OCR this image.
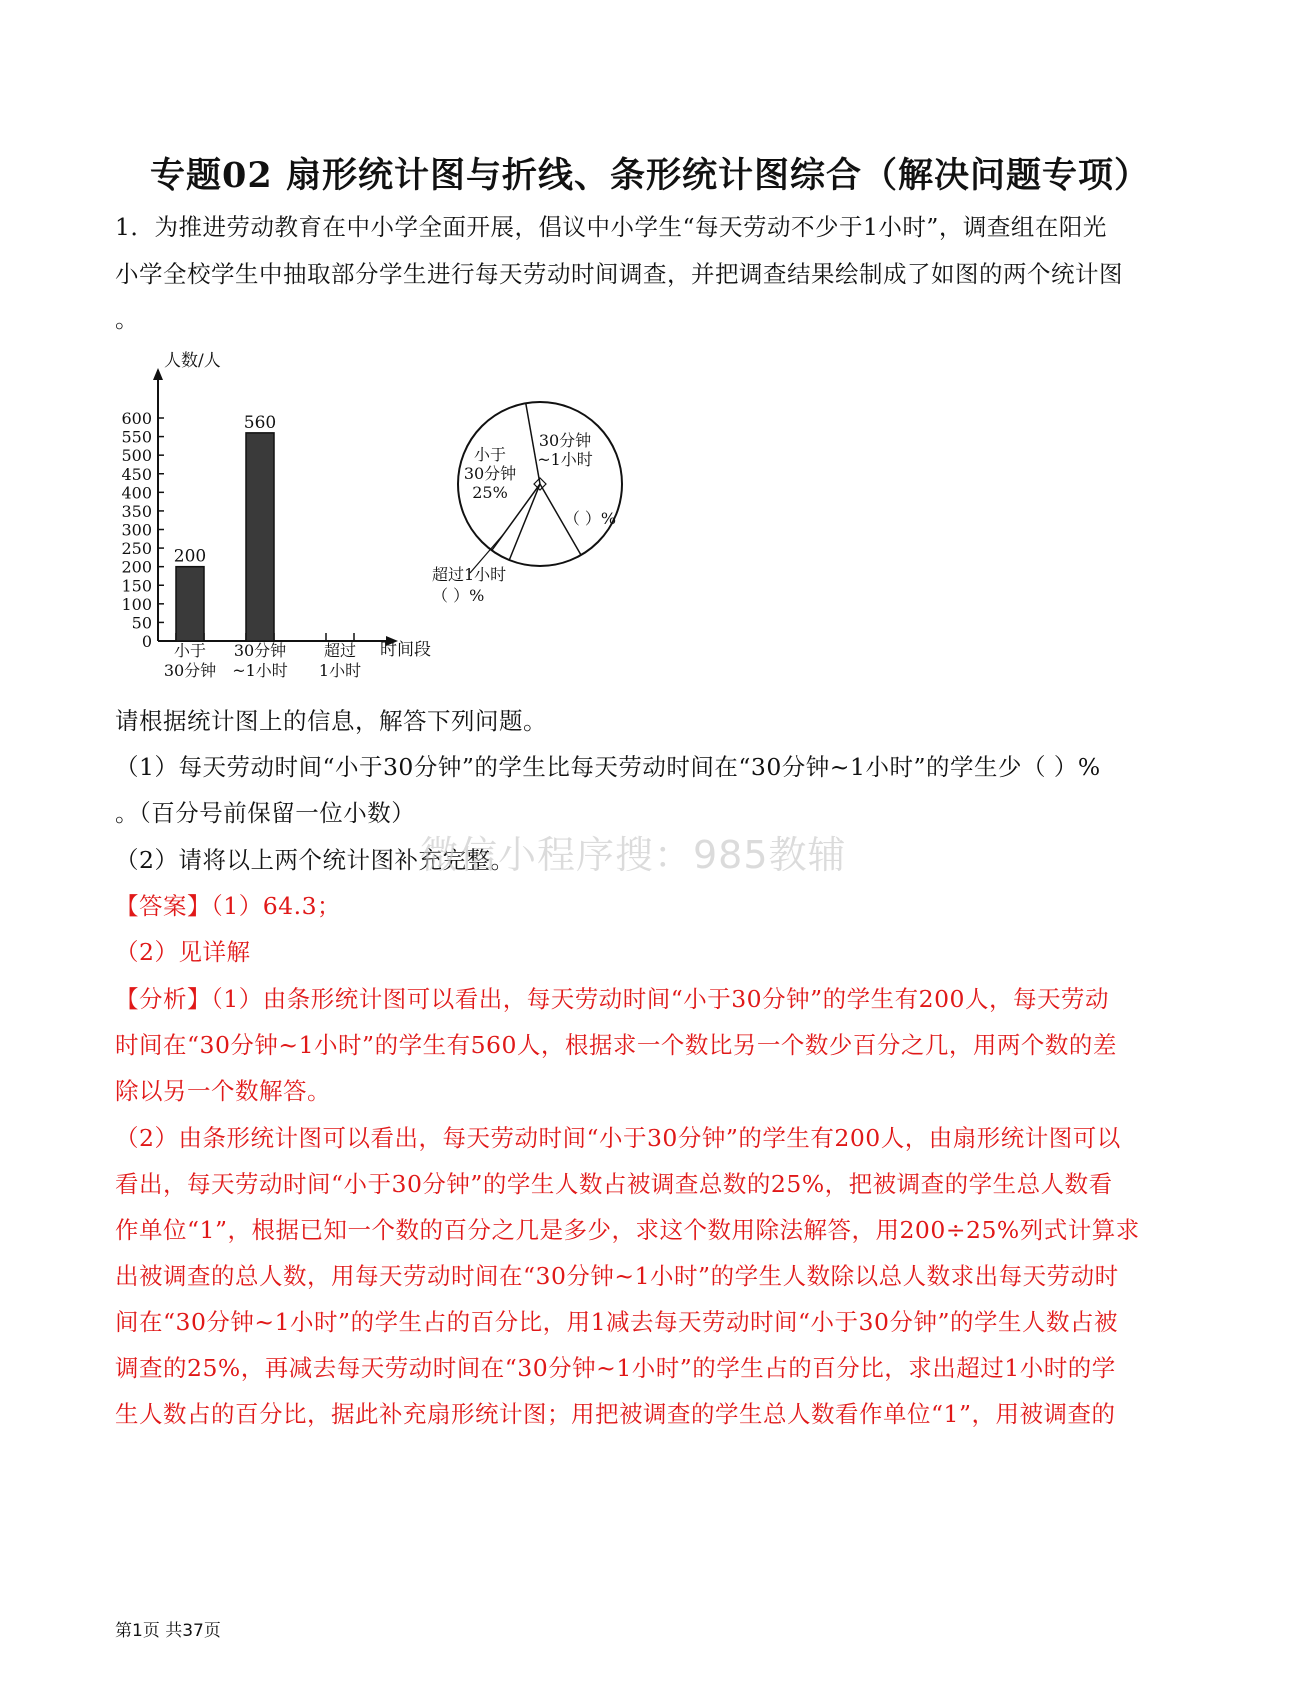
专题02 扇形统计图与折线、条形统计图综合（解决问题专项）
1．为推进劳动教育在中小学全面开展，倡议中小学生“每天劳动不少于1小时”，调查组在阳光
小学全校学生中抽取部分学生进行每天劳动时间调查，并把调查结果绘制成了如图的两个统计图
。
人数/人
时间段
0
50
100
150
200
250
300
350
400
450
500
550
600
200
小于
30分钟
560
30分钟
~1小时
超过
1小时
小于
30分钟
25%
30分钟
~1小时
（ ）%
超过1小时
（ ）%
请根据统计图上的信息，解答下列问题。
（1）每天劳动时间“小于30分钟”的学生比每天劳动时间在“30分钟~1小时”的学生少（ ）%
。（百分号前保留一位小数）
（2）请将以上两个统计图补充完整。
【答案】（1）64.3；
（2）见详解
【分析】（1）由条形统计图可以看出，每天劳动时间“小于30分钟”的学生有200人，每天劳动
时间在“30分钟~1小时”的学生有560人，根据求一个数比另一个数少百分之几，用两个数的差
除以另一个数解答。
（2）由条形统计图可以看出，每天劳动时间“小于30分钟”的学生有200人，由扇形统计图可以
看出，每天劳动时间“小于30分钟”的学生人数占被调查总数的25%，把被调查的学生总人数看
作单位“1”，根据已知一个数的百分之几是多少，求这个数用除法解答，用200÷25%列式计算求
出被调查的总人数，用每天劳动时间在“30分钟~1小时”的学生人数除以总人数求出每天劳动时
间在“30分钟~1小时”的学生占的百分比，用1减去每天劳动时间“小于30分钟”的学生人数占被
调查的25%，再减去每天劳动时间在“30分钟~1小时”的学生占的百分比，求出超过1小时的学
生人数占的百分比，据此补充扇形统计图；用把被调查的学生总人数看作单位“1”，用被调查的
微信小程序搜：985教辅
第1页 共37页
